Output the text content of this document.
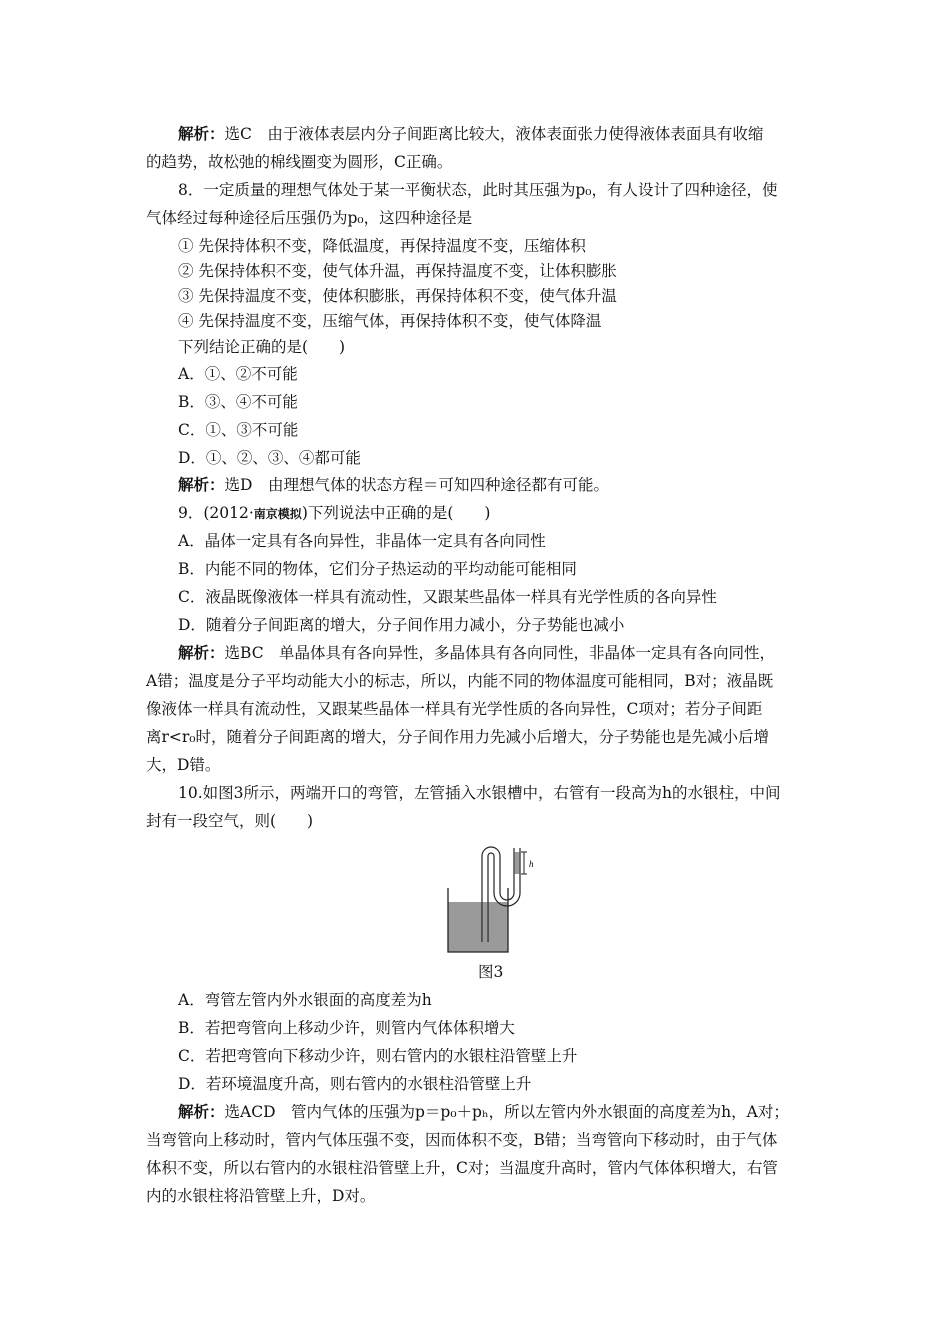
解析：选C　由于液体表层内分子间距离比较大，液体表面张力使得液体表面具有收缩
的趋势，故松弛的棉线圈变为圆形，C正确。
8．一定质量的理想气体处于某一平衡状态，此时其压强为p₀，有人设计了四种途径，使
气体经过每种途径后压强仍为p₀，这四种途径是
① 先保持体积不变，降低温度，再保持温度不变，压缩体积
② 先保持体积不变，使气体升温，再保持温度不变，让体积膨胀
③ 先保持温度不变，使体积膨胀，再保持体积不变，使气体升温
④ 先保持温度不变，压缩气体，再保持体积不变，使气体降温
下列结论正确的是(　　)
A．①、②不可能
B．③、④不可能
C．①、③不可能
D．①、②、③、④都可能
解析：选D　由理想气体的状态方程＝可知四种途径都有可能。
9．(2012·南京模拟)下列说法中正确的是(　　)
A．晶体一定具有各向异性，非晶体一定具有各向同性
B．内能不同的物体，它们分子热运动的平均动能可能相同
C．液晶既像液体一样具有流动性，又跟某些晶体一样具有光学性质的各向异性
D．随着分子间距离的增大，分子间作用力减小，分子势能也减小
解析：选BC　单晶体具有各向异性，多晶体具有各向同性，非晶体一定具有各向同性，
A错；温度是分子平均动能大小的标志，所以，内能不同的物体温度可能相同，B对；液晶既
像液体一样具有流动性，又跟某些晶体一样具有光学性质的各向异性，C项对；若分子间距
离r<r₀时，随着分子间距离的增大，分子间作用力先减小后增大，分子势能也是先减小后增
大，D错。
10.如图3所示，两端开口的弯管，左管插入水银槽中，右管有一段高为h的水银柱，中间
封有一段空气，则(　　)
h
图3
A．弯管左管内外水银面的高度差为h
B．若把弯管向上移动少许，则管内气体体积增大
C．若把弯管向下移动少许，则右管内的水银柱沿管壁上升
D．若环境温度升高，则右管内的水银柱沿管壁上升
解析：选ACD　管内气体的压强为p＝p₀＋pₕ，所以左管内外水银面的高度差为h，A对；
当弯管向上移动时，管内气体压强不变，因而体积不变，B错；当弯管向下移动时，由于气体
体积不变，所以右管内的水银柱沿管壁上升，C对；当温度升高时，管内气体体积增大，右管
内的水银柱将沿管壁上升，D对。
